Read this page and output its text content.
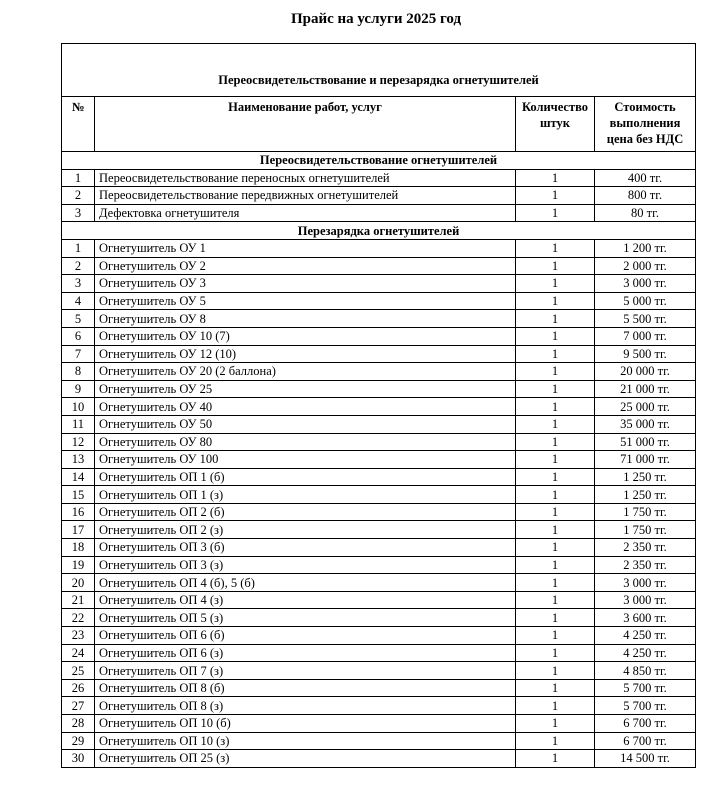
Прайс на услуги 2025 год
Переосвидетельствование и перезарядка огнетушителей			
№	Наименование работ, услуг	Количество штук	Стоимость выполнения цена без НДС
Переосвидетельствование огнетушителей			
1	Переосвидетельствование переносных огнетушителей	1	400 тг.
2	Переосвидетельствование передвижных огнетушителей	1	800 тг.
3	Дефектовка огнетушителя	1	80 тг.
Перезарядка огнетушителей			
1	Огнетушитель ОУ 1	1	1 200 тг.
2	Огнетушитель ОУ 2	1	2 000 тг.
3	Огнетушитель ОУ 3	1	3 000 тг.
4	Огнетушитель ОУ 5	1	5 000 тг.
5	Огнетушитель ОУ 8	1	5 500 тг.
6	Огнетушитель ОУ 10 (7)	1	7 000 тг.
7	Огнетушитель ОУ 12 (10)	1	9 500 тг.
8	Огнетушитель ОУ 20 (2 баллона)	1	20 000 тг.
9	Огнетушитель ОУ 25	1	21 000 тг.
10	Огнетушитель ОУ 40	1	25 000 тг.
11	Огнетушитель ОУ 50	1	35 000 тг.
12	Огнетушитель ОУ 80	1	51 000 тг.
13	Огнетушитель ОУ 100	1	71 000 тг.
14	Огнетушитель ОП 1 (б)	1	1 250 тг.
15	Огнетушитель ОП 1 (з)	1	1 250 тг.
16	Огнетушитель ОП 2 (б)	1	1 750 тг.
17	Огнетушитель ОП 2 (з)	1	1 750 тг.
18	Огнетушитель ОП 3 (б)	1	2 350 тг.
19	Огнетушитель ОП 3 (з)	1	2 350 тг.
20	Огнетушитель ОП 4 (б), 5 (б)	1	3 000 тг.
21	Огнетушитель ОП 4 (з)	1	3 000 тг.
22	Огнетушитель ОП 5 (з)	1	3 600 тг.
23	Огнетушитель ОП 6 (б)	1	4 250 тг.
24	Огнетушитель ОП 6 (з)	1	4 250 тг.
25	Огнетушитель ОП 7 (з)	1	4 850 тг.
26	Огнетушитель ОП 8 (б)	1	5 700 тг.
27	Огнетушитель ОП 8 (з)	1	5 700 тг.
28	Огнетушитель ОП 10 (б)	1	6 700 тг.
29	Огнетушитель ОП 10 (з)	1	6 700 тг.
30	Огнетушитель ОП 25 (з)	1	14 500 тг.
